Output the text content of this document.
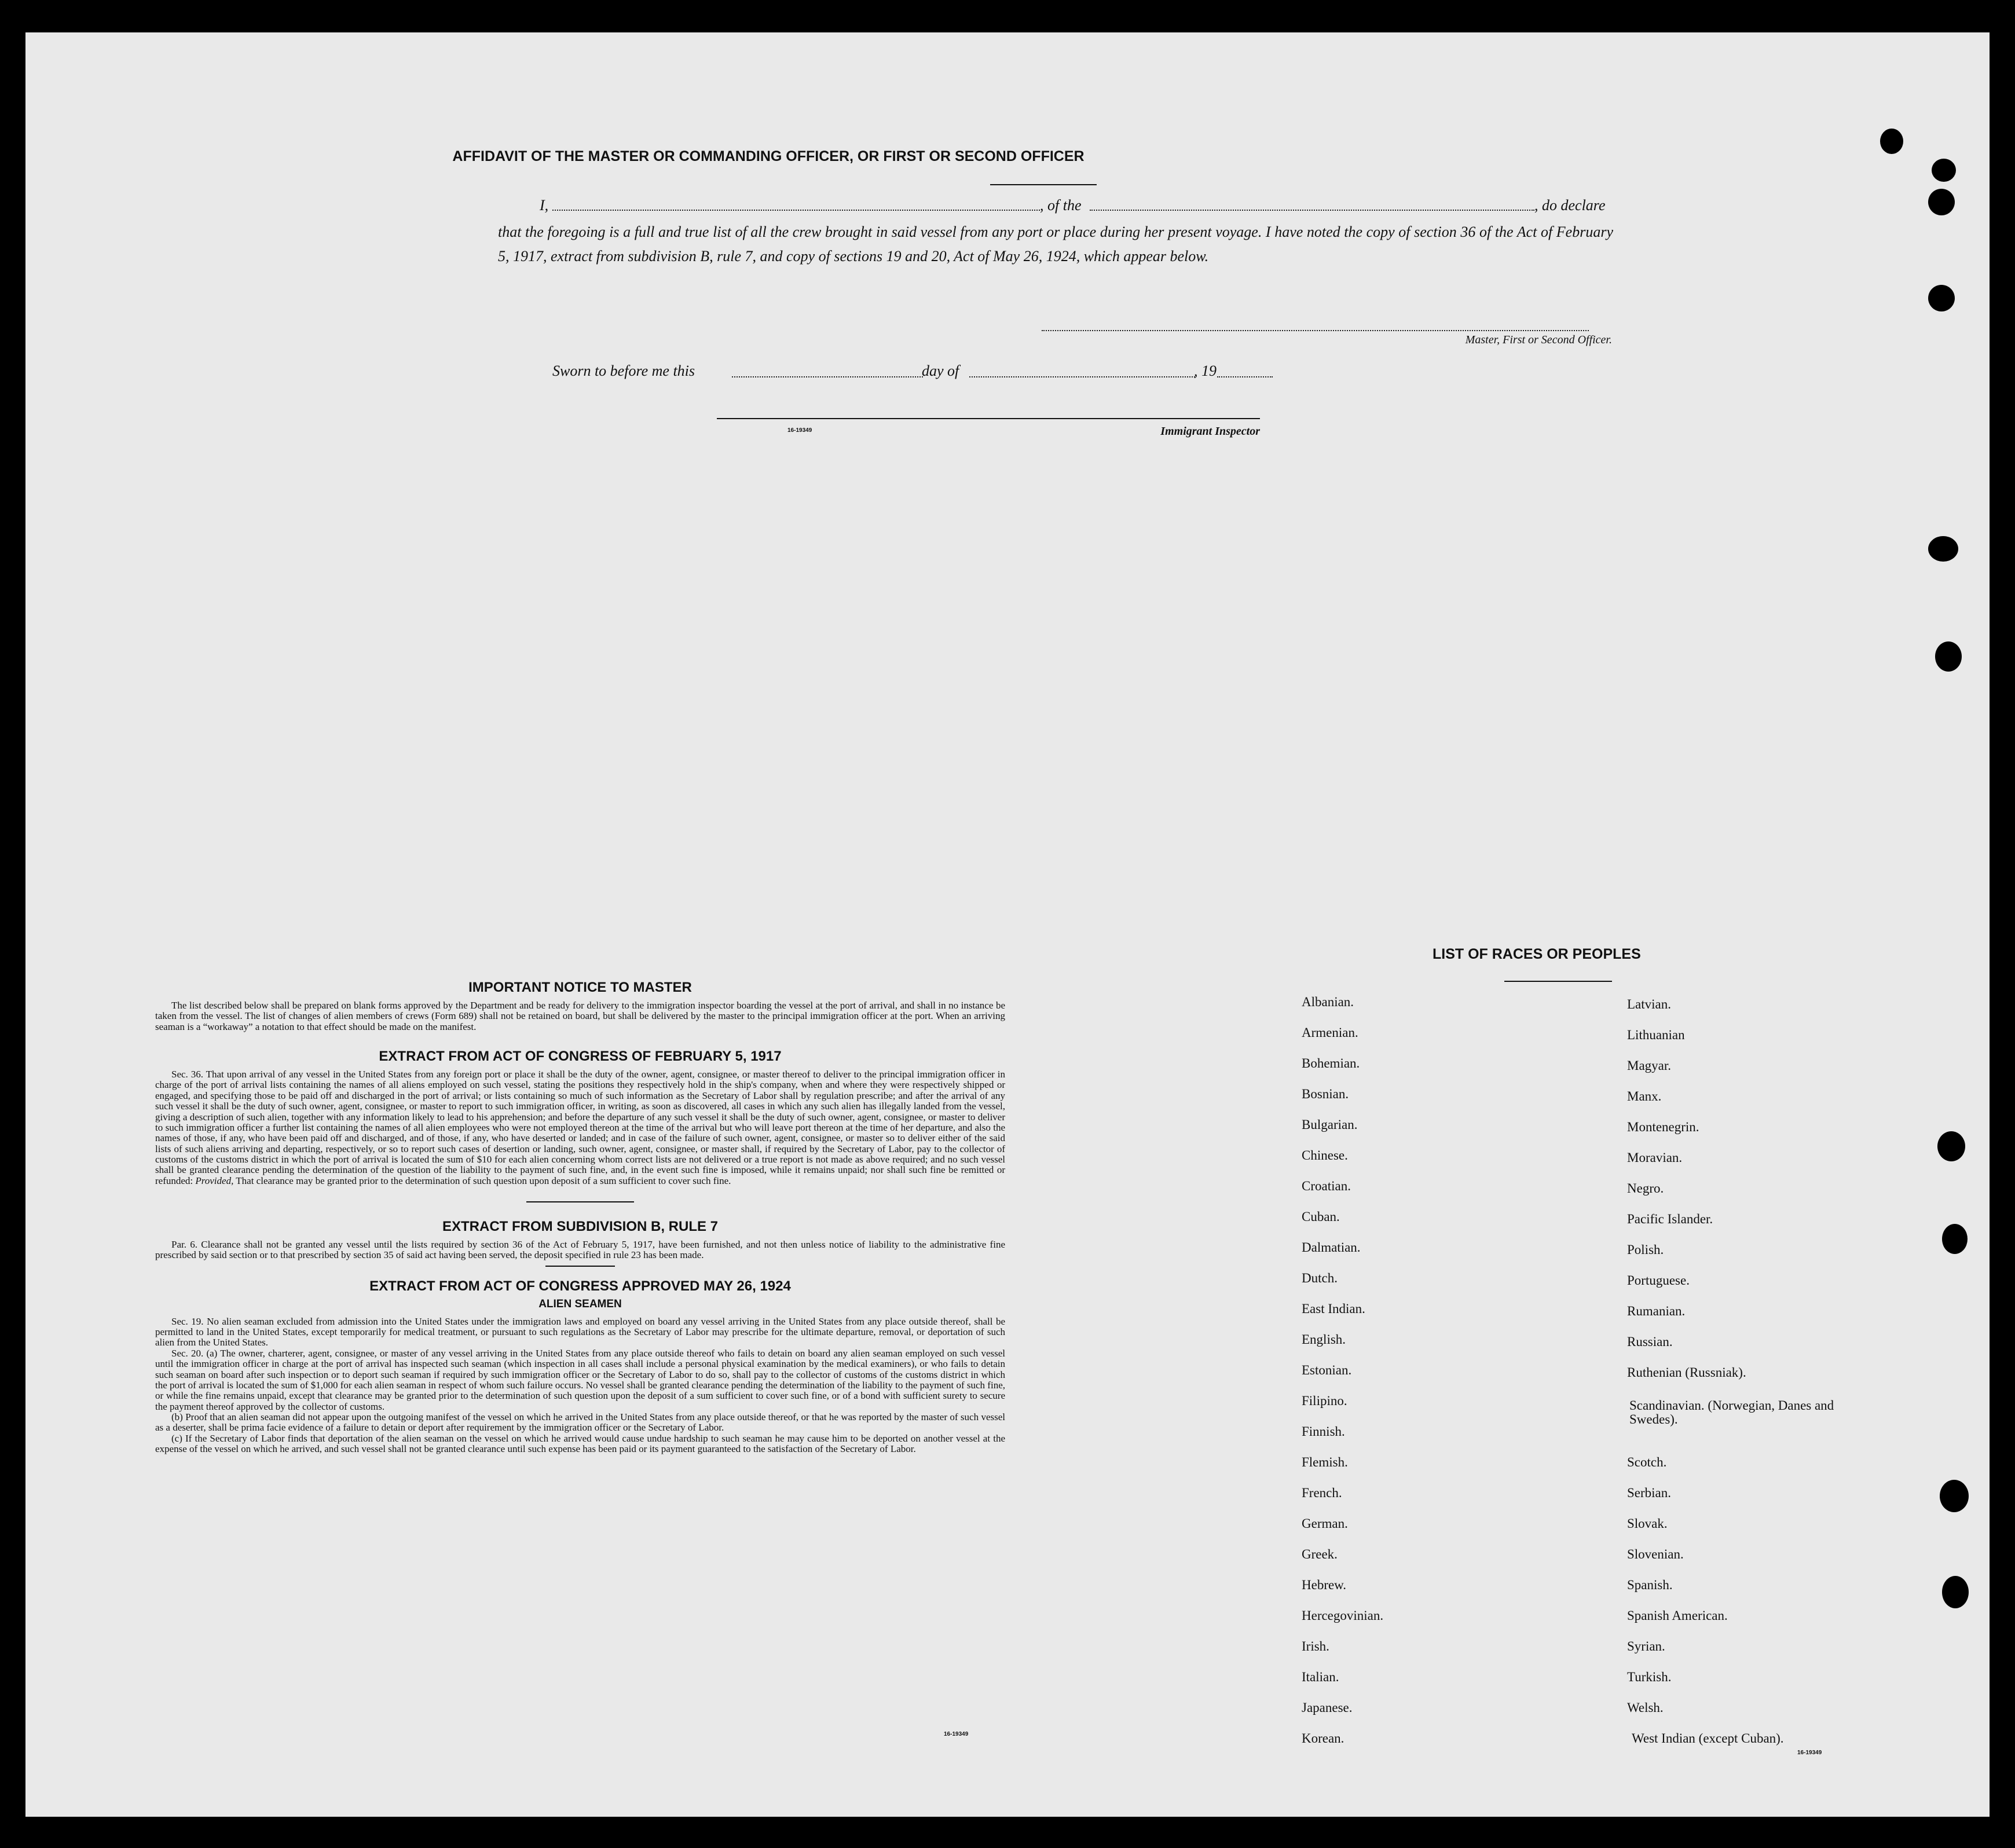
AFFIDAVIT OF THE MASTER OR COMMANDING OFFICER, OR FIRST OR SECOND OFFICER
I,	, of the	, do declare
that the foregoing is a full and true list of all the crew brought in said vessel from any port or place during her present voyage. I have noted the copy of section 36 of the Act of February 5, 1917, extract from subdivision B, rule 7, and copy of sections 19 and 20, Act of May 26, 1924, which appear below.
Master, First or Second Officer.
Sworn to before me this	day of	, 19
16-19349	Immigrant Inspector
IMPORTANT NOTICE TO MASTER

The list described below shall be prepared on blank forms approved by the Department and be ready for delivery to the immigration inspector boarding the vessel at the port of arrival, and shall in no instance be taken from the vessel. The list of changes of alien members of crews (Form 689) shall not be retained on board, but shall be delivered by the master to the principal immigration officer at the port. When an arriving seaman is a “workaway” a notation to that effect should be made on the manifest.

EXTRACT FROM ACT OF CONGRESS OF FEBRUARY 5, 1917

Sec. 36. That upon arrival of any vessel in the United States from any foreign port or place it shall be the duty of the owner, agent, consignee, or master thereof to deliver to the principal immigration officer in charge of the port of arrival lists containing the names of all aliens employed on such vessel, stating the positions they respectively hold in the ship's company, when and where they were respectively shipped or engaged, and specifying those to be paid off and discharged in the port of arrival; or lists containing so much of such information as the Secretary of Labor shall by regulation prescribe; and after the arrival of any such vessel it shall be the duty of such owner, agent, consignee, or master to report to such immigration officer, in writing, as soon as discovered, all cases in which any such alien has illegally landed from the vessel, giving a description of such alien, together with any information likely to lead to his apprehension; and before the departure of any such vessel it shall be the duty of such owner, agent, consignee, or master to deliver to such immigration officer a further list containing the names of all alien employees who were not employed thereon at the time of the arrival but who will leave port thereon at the time of her departure, and also the names of those, if any, who have been paid off and discharged, and of those, if any, who have deserted or landed; and in case of the failure of such owner, agent, consignee, or master so to deliver either of the said lists of such aliens arriving and departing, respectively, or so to report such cases of desertion or landing, such owner, agent, consignee, or master shall, if required by the Secretary of Labor, pay to the collector of customs of the customs district in which the port of arrival is located the sum of $10 for each alien concerning whom correct lists are not delivered or a true report is not made as above required; and no such vessel shall be granted clearance pending the determination of the question of the liability to the payment of such fine, and, in the event such fine is imposed, while it remains unpaid; nor shall such fine be remitted or refunded: Provided, That clearance may be granted prior to the determination of such question upon deposit of a sum sufficient to cover such fine.

EXTRACT FROM SUBDIVISION B, RULE 7

Par. 6. Clearance shall not be granted any vessel until the lists required by section 36 of the Act of February 5, 1917, have been furnished, and not then unless notice of liability to the administrative fine prescribed by said section or to that prescribed by section 35 of said act having been served, the deposit specified in rule 23 has been made.

EXTRACT FROM ACT OF CONGRESS APPROVED MAY 26, 1924
ALIEN SEAMEN

Sec. 19. No alien seaman excluded from admission into the United States under the immigration laws and employed on board any vessel arriving in the United States from any place outside thereof, shall be permitted to land in the United States, except temporarily for medical treatment, or pursuant to such regulations as the Secretary of Labor may prescribe for the ultimate departure, removal, or deportation of such alien from the United States.

Sec. 20. (a) The owner, charterer, agent, consignee, or master of any vessel arriving in the United States from any place outside thereof who fails to detain on board any alien seaman employed on such vessel until the immigration officer in charge at the port of arrival has inspected such seaman (which inspection in all cases shall include a personal physical examination by the medical examiners), or who fails to detain such seaman on board after such inspection or to deport such seaman if required by such immigration officer or the Secretary of Labor to do so, shall pay to the collector of customs of the customs district in which the port of arrival is located the sum of $1,000 for each alien seaman in respect of whom such failure occurs. No vessel shall be granted clearance pending the determination of the liability to the payment of such fine, or while the fine remains unpaid, except that clearance may be granted prior to the determination of such question upon the deposit of a sum sufficient to cover such fine, or of a bond with sufficient surety to secure the payment thereof approved by the collector of customs.

(b) Proof that an alien seaman did not appear upon the outgoing manifest of the vessel on which he arrived in the United States from any place outside thereof, or that he was reported by the master of such vessel as a deserter, shall be prima facie evidence of a failure to detain or deport after requirement by the immigration officer or the Secretary of Labor.

(c) If the Secretary of Labor finds that deportation of the alien seaman on the vessel on which he arrived would cause undue hardship to such seaman he may cause him to be deported on another vessel at the expense of the vessel on which he arrived, and such vessel shall not be granted clearance until such expense has been paid or its payment guaranteed to the satisfaction of the Secretary of Labor.

16-19349
LIST OF RACES OR PEOPLES
Albanian.
Armenian.
Bohemian.
Bosnian.
Bulgarian.
Chinese.
Croatian.
Cuban.
Dalmatian.
Dutch.
East Indian.
English.
Estonian.
Filipino.
Finnish.
Flemish.
French.
German.
Greek.
Hebrew.
Hercegovinian.
Irish.
Italian.
Japanese.
Korean.
Latvian.
Lithuanian
Magyar.
Manx.
Montenegrin.
Moravian.
Negro.
Pacific Islander.
Polish.
Portuguese.
Rumanian.
Russian.
Ruthenian (Russniak).
Scandinavian. (Norwegian, Danes and Swedes).
Scotch.
Serbian.
Slovak.
Slovenian.
Spanish.
Spanish American.
Syrian.
Turkish.
Welsh.
West Indian (except Cuban).
16-19349
